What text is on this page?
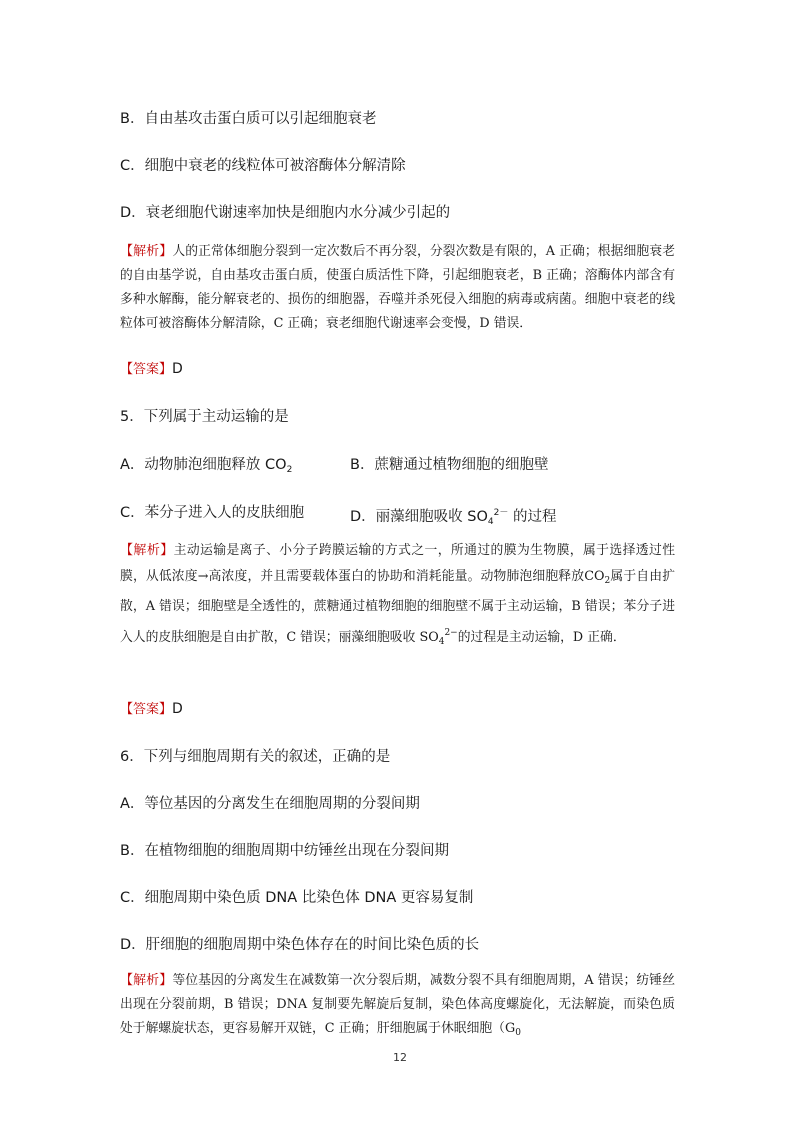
B．自由基攻击蛋白质可以引起细胞衰老
C．细胞中衰老的线粒体可被溶酶体分解清除
D．衰老细胞代谢速率加快是细胞内水分减少引起的
【解析】人的正常体细胞分裂到一定次数后不再分裂，分裂次数是有限的，A 正确；根据细胞衰老的自由基学说，自由基攻击蛋白质，使蛋白质活性下降，引起细胞衰老，B 正确；溶酶体内部含有多种水解酶，能分解衰老的、损伤的细胞器，吞噬并杀死侵入细胞的病毒或病菌。细胞中衰老的线粒体可被溶酶体分解清除，C 正确；衰老细胞代谢速率会变慢，D 错误．
【答案】D
5．下列属于主动运输的是
A．动物肺泡细胞释放 $CO_2$	B．蔗糖通过植物细胞的细胞壁
C．苯分子进入人的皮肤细胞	D．丽藻细胞吸收 $SO_4^{2-}$ 的过程
【解析】主动运输是离子、小分子跨膜运输的方式之一，所通过的膜为生物膜，属于选择透过性膜，从低浓度→高浓度，并且需要载体蛋白的协助和消耗能量。动物肺泡细胞释放$CO_2$属于自由扩散，A 错误；细胞壁是全透性的，蔗糖通过植物细胞的细胞壁不属于主动运输，B 错误；苯分子进入人的皮肤细胞是自由扩散，C 错误；丽藻细胞吸收 $SO_4^{2-}$的过程是主动运输，D 正确．
【答案】D
6．下列与细胞周期有关的叙述，正确的是
A．等位基因的分离发生在细胞周期的分裂间期
B．在植物细胞的细胞周期中纺锤丝出现在分裂间期
C．细胞周期中染色质 DNA 比染色体 DNA 更容易复制
D．肝细胞的细胞周期中染色体存在的时间比染色质的长
【解析】等位基因的分离发生在减数第一次分裂后期，减数分裂不具有细胞周期，A 错误；纺锤丝出现在分裂前期，B 错误；DNA 复制要先解旋后复制，染色体高度螺旋化，无法解旋，而染色质处于解螺旋状态，更容易解开双链，C 正确；肝细胞属于休眠细胞（$G_0$
12
